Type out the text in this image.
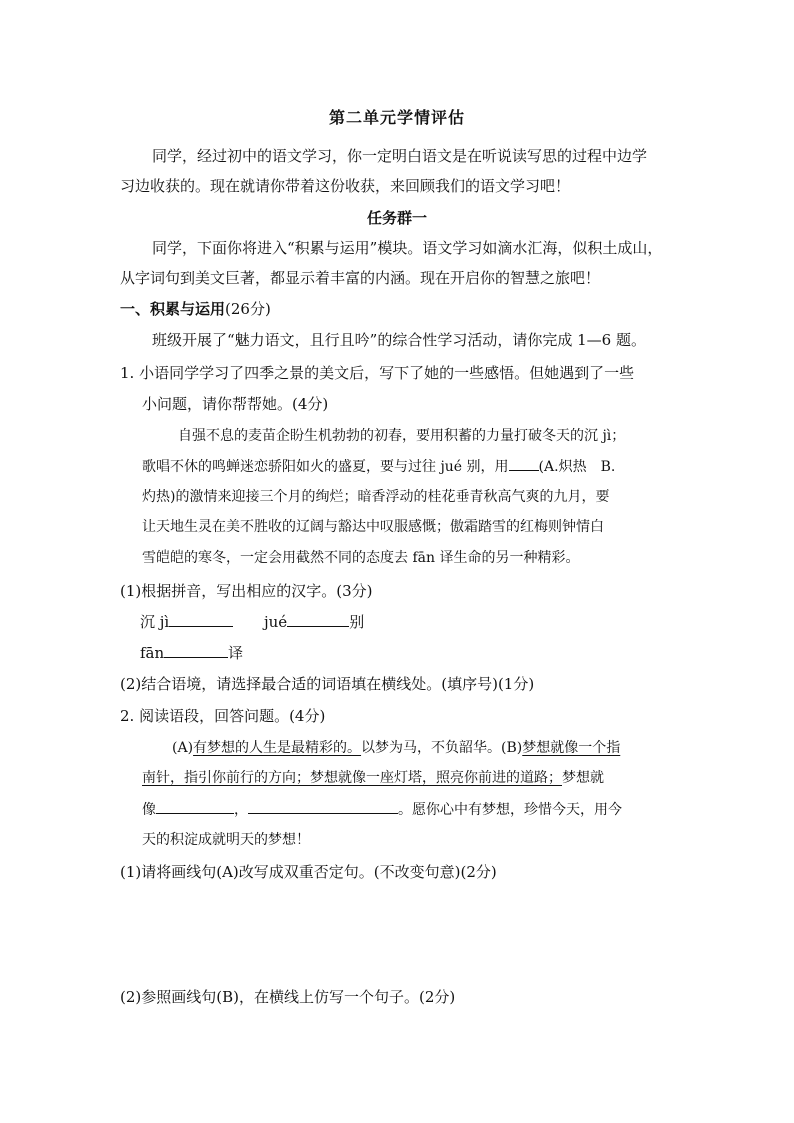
第二单元学情评估
同学，经过初中的语文学习，你一定明白语文是在听说读写思的过程中边学
习边收获的。现在就请你带着这份收获，来回顾我们的语文学习吧！
任务群一
同学，下面你将进入“积累与运用”模块。语文学习如滴水汇海，似积土成山，
从字词句到美文巨著，都显示着丰富的内涵。现在开启你的智慧之旅吧！
一、积累与运用(26分)
班级开展了“魅力语文，且行且吟”的综合性学习活动，请你完成 1—6 题。
1. 小语同学学习了四季之景的美文后，写下了她的一些感悟。但她遇到了一些
小问题，请你帮帮她。(4分)
自强不息的麦苗企盼生机勃勃的初春，要用积蓄的力量打破冬天的沉 jì；
歌唱不休的鸣蝉迷恋骄阳如火的盛夏，要与过往 jué 别，用 (A.炽热　B.
灼热)的激情来迎接三个月的绚烂；暗香浮动的桂花垂青秋高气爽的九月，要
让天地生灵在美不胜收的辽阔与豁达中叹服感慨；傲霜踏雪的红梅则钟情白
雪皑皑的寒冬，一定会用截然不同的态度去 fān 译生命的另一种精彩。
(1)根据拼音，写出相应的汉字。(3分)
沉 jì	jué	别
fān	译
(2)结合语境，请选择最合适的词语填在横线处。(填序号)(1分)
2. 阅读语段，回答问题。(4分)
(A)有梦想的人生是最精彩的。以梦为马，不负韶华。(B)梦想就像一个指
南针，指引你前行的方向；梦想就像一座灯塔，照亮你前进的道路；梦想就
像	，	。愿你心中有梦想，珍惜今天，用今
天的积淀成就明天的梦想！
(1)请将画线句(A)改写成双重否定句。(不改变句意)(2分)
(2)参照画线句(B)，在横线上仿写一个句子。(2分)
